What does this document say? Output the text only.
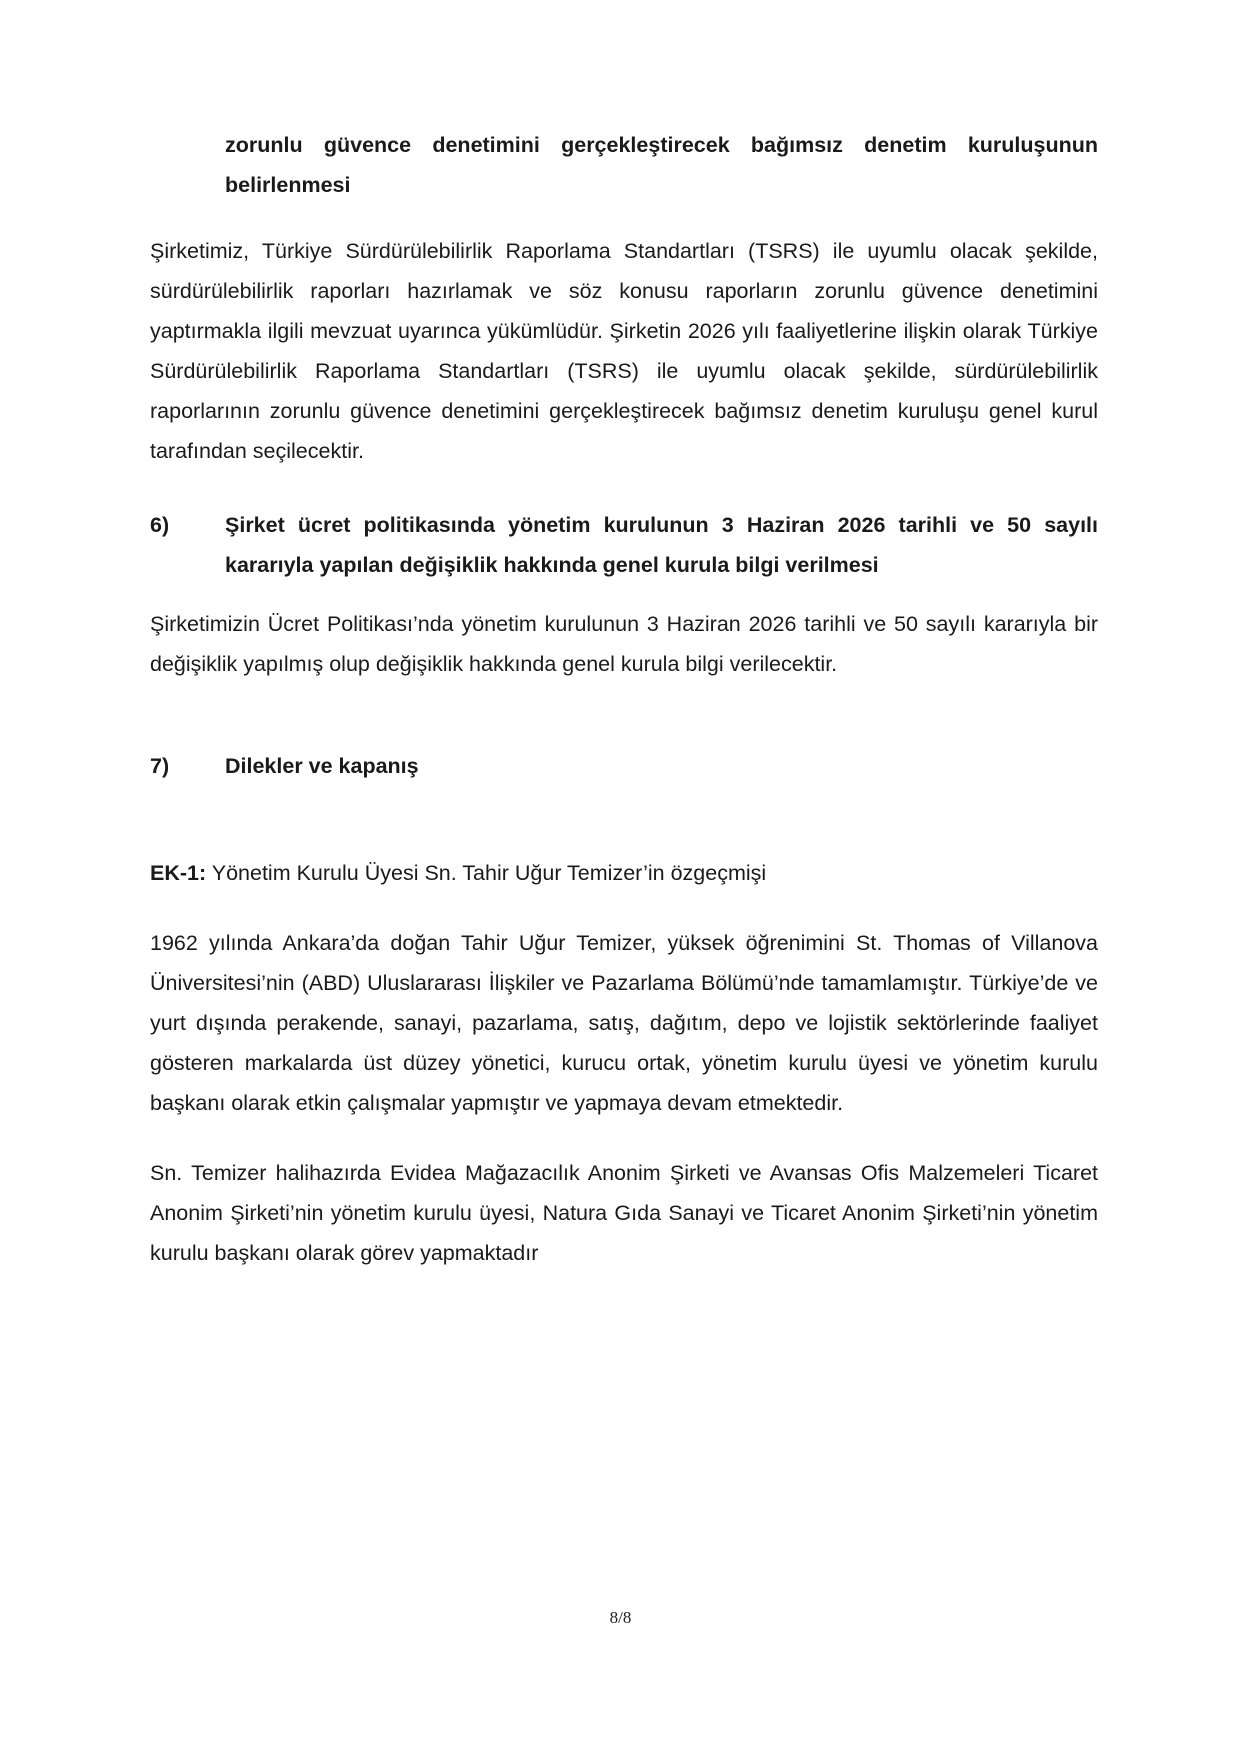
zorunlu güvence denetimini gerçekleştirecek bağımsız denetim kuruluşunun belirlenmesi

Şirketimiz, Türkiye Sürdürülebilirlik Raporlama Standartları (TSRS) ile uyumlu olacak şekilde, sürdürülebilirlik raporları hazırlamak ve söz konusu raporların zorunlu güvence denetimini yaptırmakla ilgili mevzuat uyarınca yükümlüdür. Şirketin 2026 yılı faaliyetlerine ilişkin olarak Türkiye Sürdürülebilirlik Raporlama Standartları (TSRS) ile uyumlu olacak şekilde, sürdürülebilirlik raporlarının zorunlu güvence denetimini gerçekleştirecek bağımsız denetim kuruluşu genel kurul tarafından seçilecektir.

6)	Şirket ücret politikasında yönetim kurulunun 3 Haziran 2026 tarihli ve 50 sayılı kararıyla yapılan değişiklik hakkında genel kurula bilgi verilmesi

Şirketimizin Ücret Politikası’nda yönetim kurulunun 3 Haziran 2026 tarihli ve 50 sayılı kararıyla bir değişiklik yapılmış olup değişiklik hakkında genel kurula bilgi verilecektir.

7)	Dilekler ve kapanış

EK-1: Yönetim Kurulu Üyesi Sn. Tahir Uğur Temizer’in özgeçmişi

1962 yılında Ankara’da doğan Tahir Uğur Temizer, yüksek öğrenimini St. Thomas of Villanova Üniversitesi’nin (ABD) Uluslararası İlişkiler ve Pazarlama Bölümü’nde tamamlamıştır. Türkiye’de ve yurt dışında perakende, sanayi, pazarlama, satış, dağıtım, depo ve lojistik sektörlerinde faaliyet gösteren markalarda üst düzey yönetici, kurucu ortak, yönetim kurulu üyesi ve yönetim kurulu başkanı olarak etkin çalışmalar yapmıştır ve yapmaya devam etmektedir.

Sn. Temizer halihazırda Evidea Mağazacılık Anonim Şirketi ve Avansas Ofis Malzemeleri Ticaret Anonim Şirketi’nin yönetim kurulu üyesi, Natura Gıda Sanayi ve Ticaret Anonim Şirketi’nin yönetim kurulu başkanı olarak görev yapmaktadır

8/8
